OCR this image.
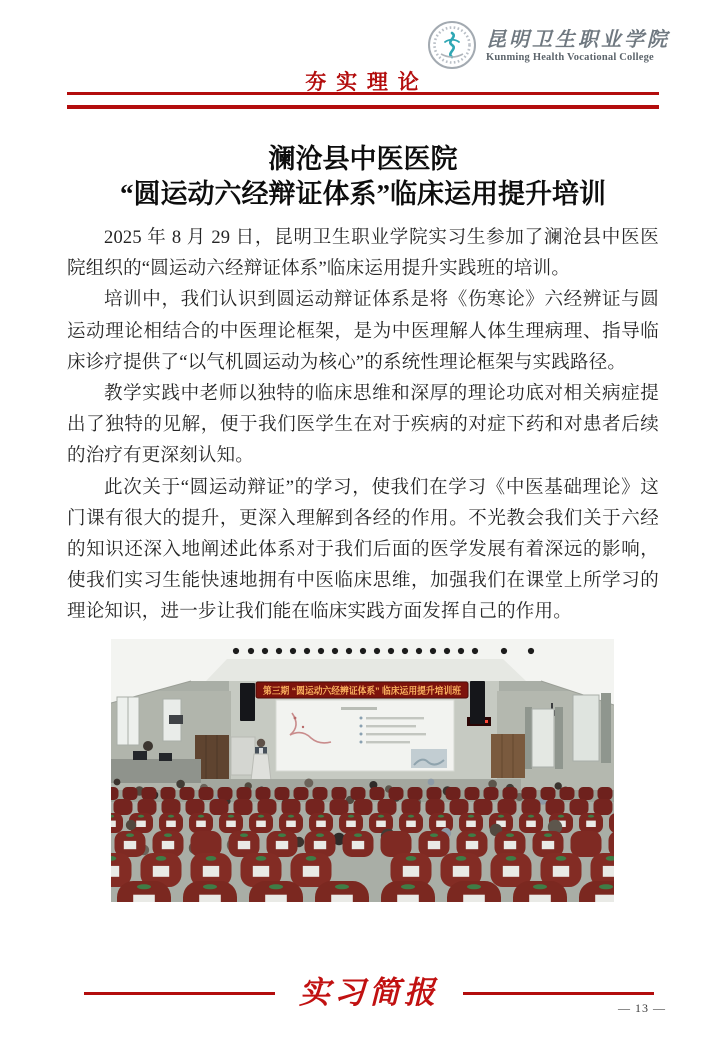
昆明卫生职业学院
Kunming Health Vocational College
夯 实 理 论
澜沧县中医医院
“圆运动六经辩证体系”临床运用提升培训

2025 年 8 月 29 日，昆明卫生职业学院实习生参加了澜沧县中医医院组织的“圆运动六经辩证体系”临床运用提升实践班的培训。

培训中，我们认识到圆运动辩证体系是将《伤寒论》六经辨证与圆运动理论相结合的中医理论框架，是为中医理解人体生理病理、指导临床诊疗提供了“以气机圆运动为核心”的系统性理论框架与实践路径。

教学实践中老师以独特的临床思维和深厚的理论功底对相关病症提出了独特的见解，便于我们医学生在对于疾病的对症下药和对患者后续的治疗有更深刻认知。

此次关于“圆运动辩证”的学习，使我们在学习《中医基础理论》这门课有很大的提升，更深入理解到各经的作用。不光教会我们关于六经的知识还深入地阐述此体系对于我们后面的医学发展有着深远的影响，使我们实习生能快速地拥有中医临床思维，加强我们在课堂上所学习的理论知识，进一步让我们能在临床实践方面发挥自己的作用。

第三期 “圆运动六经辨证体系” 临床运用提升培训班
实习简报	— 13 —
